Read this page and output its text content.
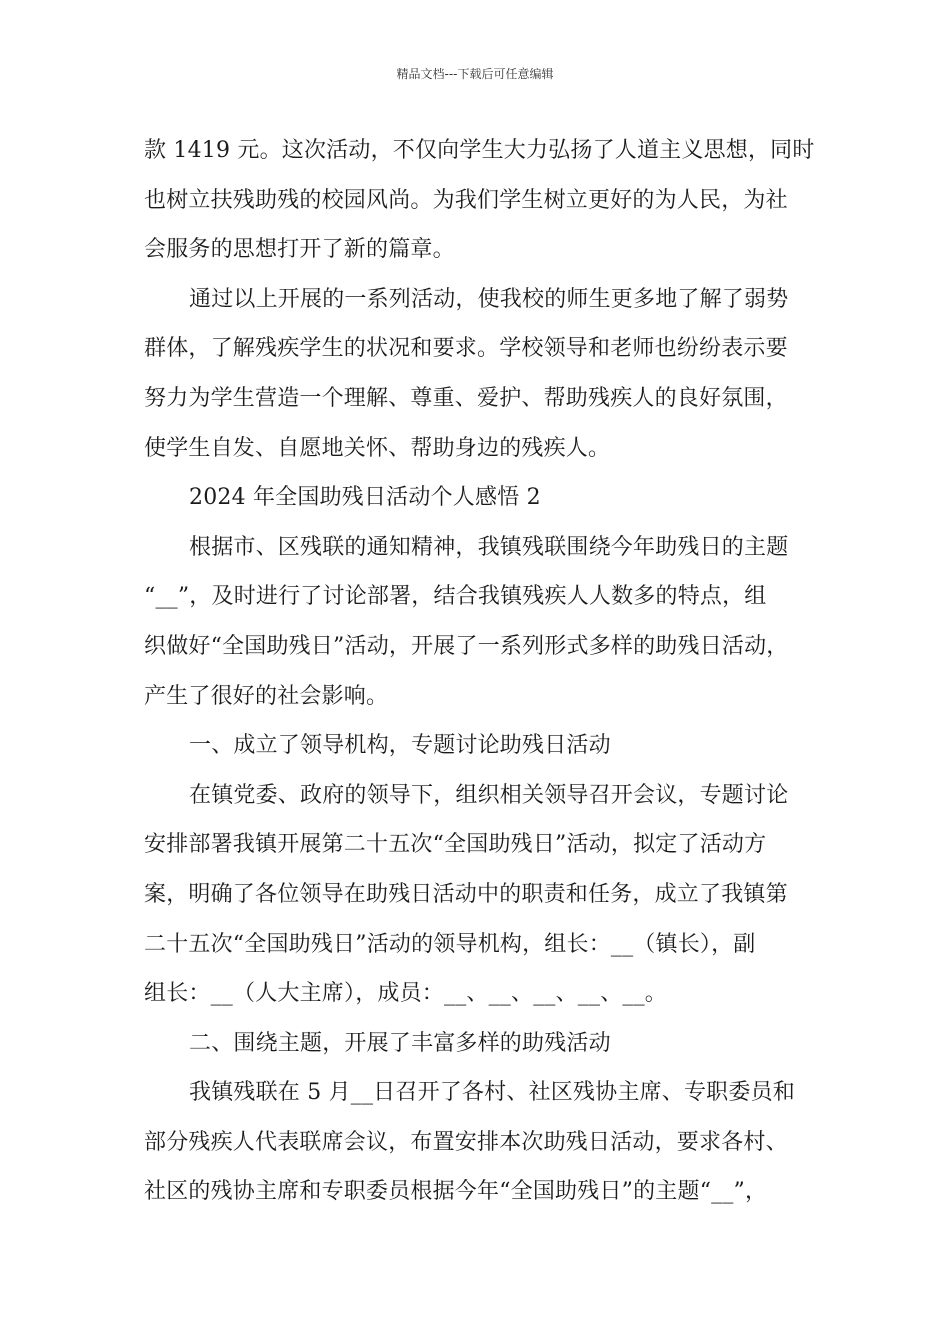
精品文档---下载后可任意编辑
款 1419 元。这次活动，不仅向学生大力弘扬了人道主义思想，同时
也树立扶残助残的校园风尚。为我们学生树立更好的为人民，为社
会服务的思想打开了新的篇章。
通过以上开展的一系列活动，使我校的师生更多地了解了弱势
群体，了解残疾学生的状况和要求。学校领导和老师也纷纷表示要
努力为学生营造一个理解、尊重、爱护、帮助残疾人的良好氛围，
使学生自发、自愿地关怀、帮助身边的残疾人。
2024 年全国助残日活动个人感悟 2
根据市、区残联的通知精神，我镇残联围绕今年助残日的主题
“__”，及时进行了讨论部署，结合我镇残疾人人数多的特点，组
织做好“全国助残日”活动，开展了一系列形式多样的助残日活动，
产生了很好的社会影响。
一、成立了领导机构，专题讨论助残日活动
在镇党委、政府的领导下，组织相关领导召开会议，专题讨论
安排部署我镇开展第二十五次“全国助残日”活动，拟定了活动方
案，明确了各位领导在助残日活动中的职责和任务，成立了我镇第
二十五次“全国助残日”活动的领导机构，组长：__（镇长），副
组长：__（人大主席），成员：__、__、__、__、__。
二、围绕主题，开展了丰富多样的助残活动
我镇残联在 5 月__日召开了各村、社区残协主席、专职委员和
部分残疾人代表联席会议，布置安排本次助残日活动，要求各村、
社区的残协主席和专职委员根据今年“全国助残日”的主题“__”，
